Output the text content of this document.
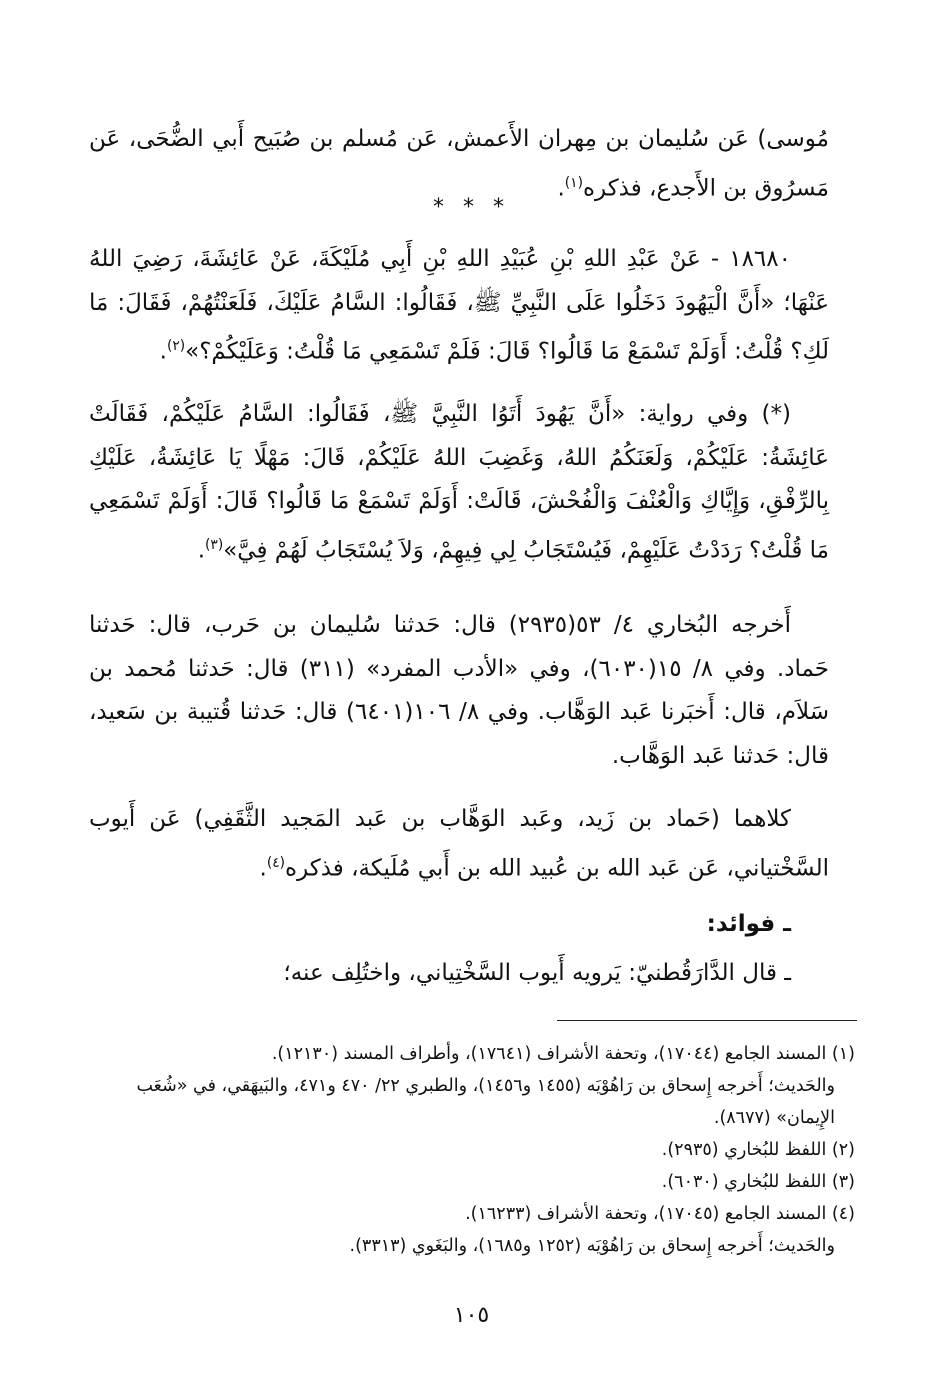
مُوسى) عَن سُليمان بن مِهران الأَعمش، عَن مُسلم بن صُبَيح أَبي الضُّحَى، عَن مَسرُوق بن الأَجدع، فذكره$^{(١)}$.

* * *

١٨٦٨٠ - عَنْ عَبْدِ اللهِ بْنِ عُبَيْدِ اللهِ بْنِ أَبِي مُلَيْكَةَ، عَنْ عَائِشَةَ، رَضِيَ اللهُ عَنْهَا؛ «أَنَّ الْيَهُودَ دَخَلُوا عَلَى النَّبِيِّ ﷺ، فَقَالُوا: السَّامُ عَلَيْكَ، فَلَعَنْتُهُمْ، فَقَالَ: مَا لَكِ؟ قُلْتُ: أَوَلَمْ تَسْمَعْ مَا قَالُوا؟ قَالَ: فَلَمْ تَسْمَعِي مَا قُلْتُ: وَعَلَيْكُمْ؟»$^{(٢)}$.

(*) وفي رواية: «أَنَّ يَهُودَ أَتَوُا النَّبِيَّ ﷺ، فَقَالُوا: السَّامُ عَلَيْكُمْ، فَقَالَتْ عَائِشَةُ: عَلَيْكُمْ، وَلَعَنَكُمُ اللهُ، وَغَضِبَ اللهُ عَلَيْكُمْ، قَالَ: مَهْلًا يَا عَائِشَةُ، عَلَيْكِ بِالرِّفْقِ، وَإِيَّاكِ وَالْعُنْفَ وَالْفُحْشَ، قَالَتْ: أَوَلَمْ تَسْمَعْ مَا قَالُوا؟ قَالَ: أَوَلَمْ تَسْمَعِي مَا قُلْتُ؟ رَدَدْتُ عَلَيْهِمْ، فَيُسْتَجَابُ لِي فِيهِمْ، وَلاَ يُسْتَجَابُ لَهُمْ فِيَّ»$^{(٣)}$.

أَخرجه البُخاري ٤/ ٥٣(٢٩٣٥) قال: حَدثنا سُليمان بن حَرب، قال: حَدثنا حَماد. وفي ٨/ ١٥(٦٠٣٠)، وفي «الأدب المفرد» (٣١١) قال: حَدثنا مُحمد بن سَلاَم، قال: أَخبَرنا عَبد الوَهَّاب. وفي ٨/ ١٠٦(٦٤٠١) قال: حَدثنا قُتيبة بن سَعيد، قال: حَدثنا عَبد الوَهَّاب.

كلاهما (حَماد بن زَيد، وعَبد الوَهَّاب بن عَبد المَجيد الثَّقَفِي) عَن أَيوب السَّخْتياني، عَن عَبد الله بن عُبيد الله بن أَبي مُلَيكة، فذكره$^{(٤)}$.

ـ فوائد:

ـ قال الدَّارَقُطنيّ: يَرويه أَيوب السَّخْتِياني، واختُلِف عنه؛

(١) المسند الجامع (١٧٠٤٤)، وتحفة الأشراف (١٧٦٤١)، وأطراف المسند (١٢١٣٠).
والحَديث؛ أَخرجه إِسحاق بن رَاهُوْيَه (١٤٥٥ و١٤٥٦)، والطبري ٢٢/ ٤٧٠ و٤٧١، والبَيهَقي، في «شُعَب الإِيمان» (٨٦٧٧).
(٢) اللفظ للبُخاري (٢٩٣٥).
(٣) اللفظ للبُخاري (٦٠٣٠).
(٤) المسند الجامع (١٧٠٤٥)، وتحفة الأشراف (١٦٢٣٣).
والحَديث؛ أَخرجه إِسحاق بن رَاهُوْيَه (١٢٥٢ و١٦٨٥)، والبَغَوي (٣٣١٣).
١٠٥
